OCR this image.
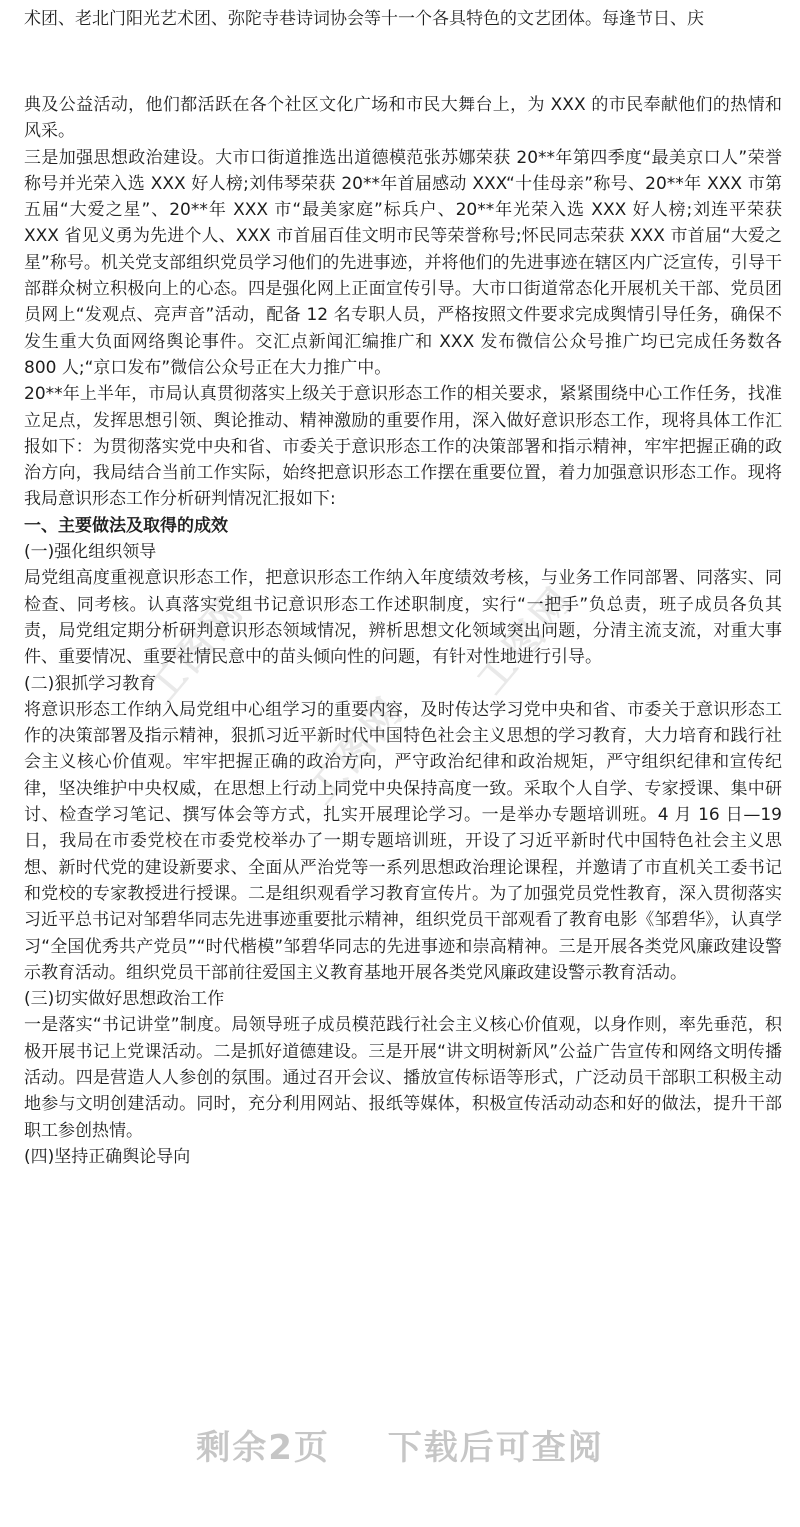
术团、老北门阳光艺术团、弥陀寺巷诗词协会等十一个各具特色的文艺团体。每逢节日、庆
工图网	工图网
工图网

典及公益活动，他们都活跃在各个社区文化广场和市民大舞台上，为 XXX 的市民奉献他们的热情和风采。

三是加强思想政治建设。大市口街道推选出道德模范张苏娜荣获 20**年第四季度“最美京口人”荣誉称号并光荣入选 XXX 好人榜;刘伟琴荣获 20**年首届感动 XXX“十佳母亲”称号、20**年 XXX 市第五届“大爱之星”、20**年 XXX 市“最美家庭”标兵户、20**年光荣入选 XXX 好人榜;刘连平荣获 XXX 省见义勇为先进个人、XXX 市首届百佳文明市民等荣誉称号;怀民同志荣获 XXX 市首届“大爱之星”称号。机关党支部组织党员学习他们的先进事迹，并将他们的先进事迹在辖区内广泛宣传，引导干部群众树立积极向上的心态。四是强化网上正面宣传引导。大市口街道常态化开展机关干部、党员团员网上“发观点、亮声音”活动，配备 12 名专职人员，严格按照文件要求完成舆情引导任务，确保不发生重大负面网络舆论事件。交汇点新闻汇编推广和 XXX 发布微信公众号推广均已完成任务数各 800 人;“京口发布”微信公众号正在大力推广中。

20**年上半年，市局认真贯彻落实上级关于意识形态工作的相关要求，紧紧围绕中心工作任务，找准立足点，发挥思想引领、舆论推动、精神激励的重要作用，深入做好意识形态工作，现将具体工作汇报如下：为贯彻落实党中央和省、市委关于意识形态工作的决策部署和指示精神，牢牢把握正确的政治方向，我局结合当前工作实际，始终把意识形态工作摆在重要位置，着力加强意识形态工作。现将我局意识形态工作分析研判情况汇报如下:

一、主要做法及取得的成效

(一)强化组织领导

局党组高度重视意识形态工作，把意识形态工作纳入年度绩效考核，与业务工作同部署、同落实、同检查、同考核。认真落实党组书记意识形态工作述职制度，实行“一把手”负总责，班子成员各负其责，局党组定期分析研判意识形态领域情况，辨析思想文化领域突出问题，分清主流支流，对重大事件、重要情况、重要社情民意中的苗头倾向性的问题，有针对性地进行引导。

(二)狠抓学习教育

将意识形态工作纳入局党组中心组学习的重要内容，及时传达学习党中央和省、市委关于意识形态工作的决策部署及指示精神，狠抓习近平新时代中国特色社会主义思想的学习教育，大力培育和践行社会主义核心价值观。牢牢把握正确的政治方向，严守政治纪律和政治规矩，严守组织纪律和宣传纪律，坚决维护中央权威，在思想上行动上同党中央保持高度一致。采取个人自学、专家授课、集中研讨、检查学习笔记、撰写体会等方式，扎实开展理论学习。一是举办专题培训班。4 月 16 日—19 日，我局在市委党校在市委党校举办了一期专题培训班，开设了习近平新时代中国特色社会主义思想、新时代党的建设新要求、全面从严治党等一系列思想政治理论课程，并邀请了市直机关工委书记和党校的专家教授进行授课。二是组织观看学习教育宣传片。为了加强党员党性教育，深入贯彻落实习近平总书记对邹碧华同志先进事迹重要批示精神，组织党员干部观看了教育电影《邹碧华》，认真学习“全国优秀共产党员”“时代楷模”邹碧华同志的先进事迹和崇高精神。三是开展各类党风廉政建设警示教育活动。组织党员干部前往爱国主义教育基地开展各类党风廉政建设警示教育活动。

(三)切实做好思想政治工作

一是落实“书记讲堂”制度。局领导班子成员模范践行社会主义核心价值观，以身作则，率先垂范，积极开展书记上党课活动。二是抓好道德建设。三是开展“讲文明树新风”公益广告宣传和网络文明传播活动。四是营造人人参创的氛围。通过召开会议、播放宣传标语等形式，广泛动员干部职工积极主动地参与文明创建活动。同时，充分利用网站、报纸等媒体，积极宣传活动动态和好的做法，提升干部职工参创热情。

(四)坚持正确舆论导向

剩余2页 下载后可查阅
